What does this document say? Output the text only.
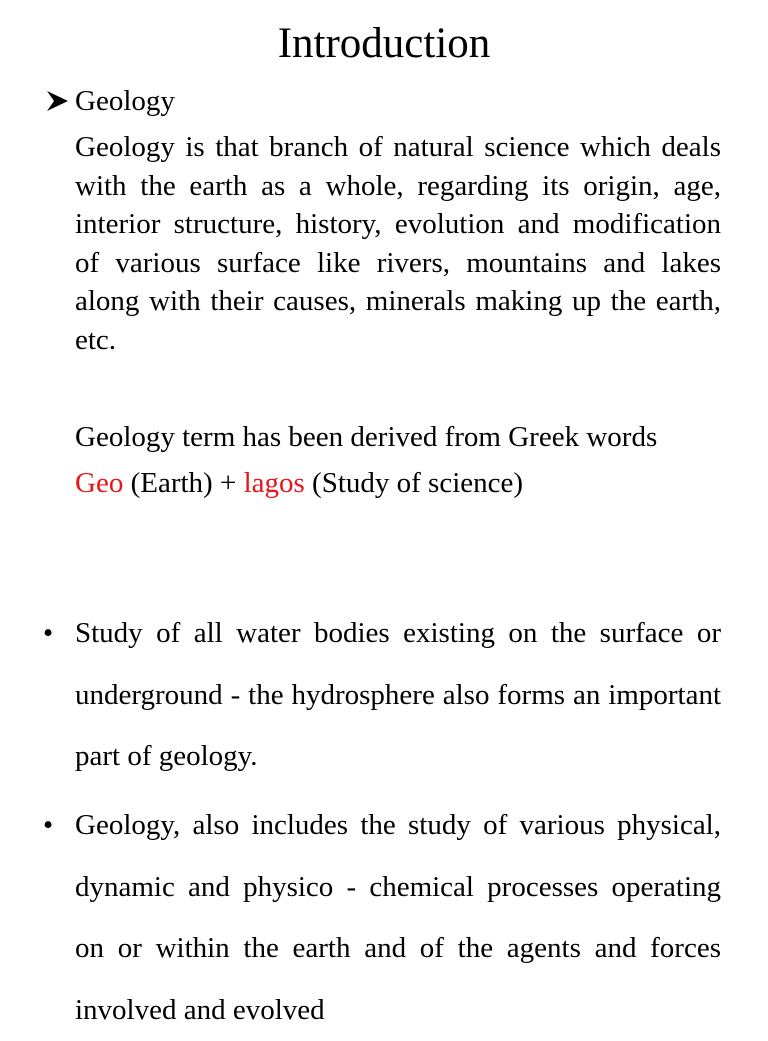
Introduction
Geology

Geology is that branch of natural science which deals with the earth as a whole, regarding its origin, age, interior structure, history, evolution and modification of various surface like rivers, mountains and lakes along with their causes, minerals making up the earth, etc.

Geology term has been derived from Greek words
Geo (Earth) + lagos (Study of science)

• Study of all water bodies existing on the surface or underground - the hydrosphere also forms an important part of geology.
• Geology, also includes the study of various physical, dynamic and physico - chemical processes operating on or within the earth and of the agents and forces involved and evolved
